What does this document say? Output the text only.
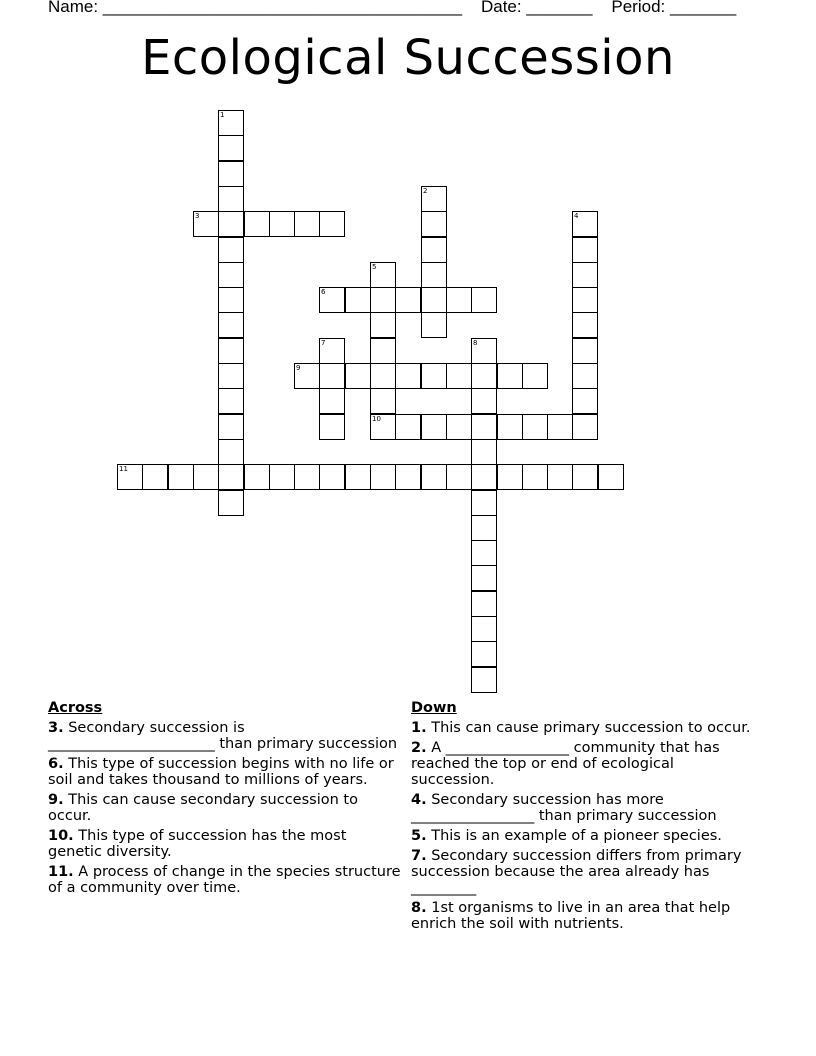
Name: ______________________________________    Date: _______    Period: _______
Ecological Succession
1
2
3	4
5
10
6
7	8
9
11
Across
3. Secondary succession is _______________________ than primary succession
6. This type of succession begins with no life or soil and takes thousand to millions of years.
9. This can cause secondary succession to occur.
10. This type of succession has the most genetic diversity.
11. A process of change in the species structure of a community over time.
Down
1. This can cause primary succession to occur.
2. A _________________ community that has reached the top or end of ecological succession.
4. Secondary succession has more _________________ than primary succession
5. This is an example of a pioneer species.
7. Secondary succession differs from primary succession because the area already has _________
8. 1st organisms to live in an area that help enrich the soil with nutrients.
